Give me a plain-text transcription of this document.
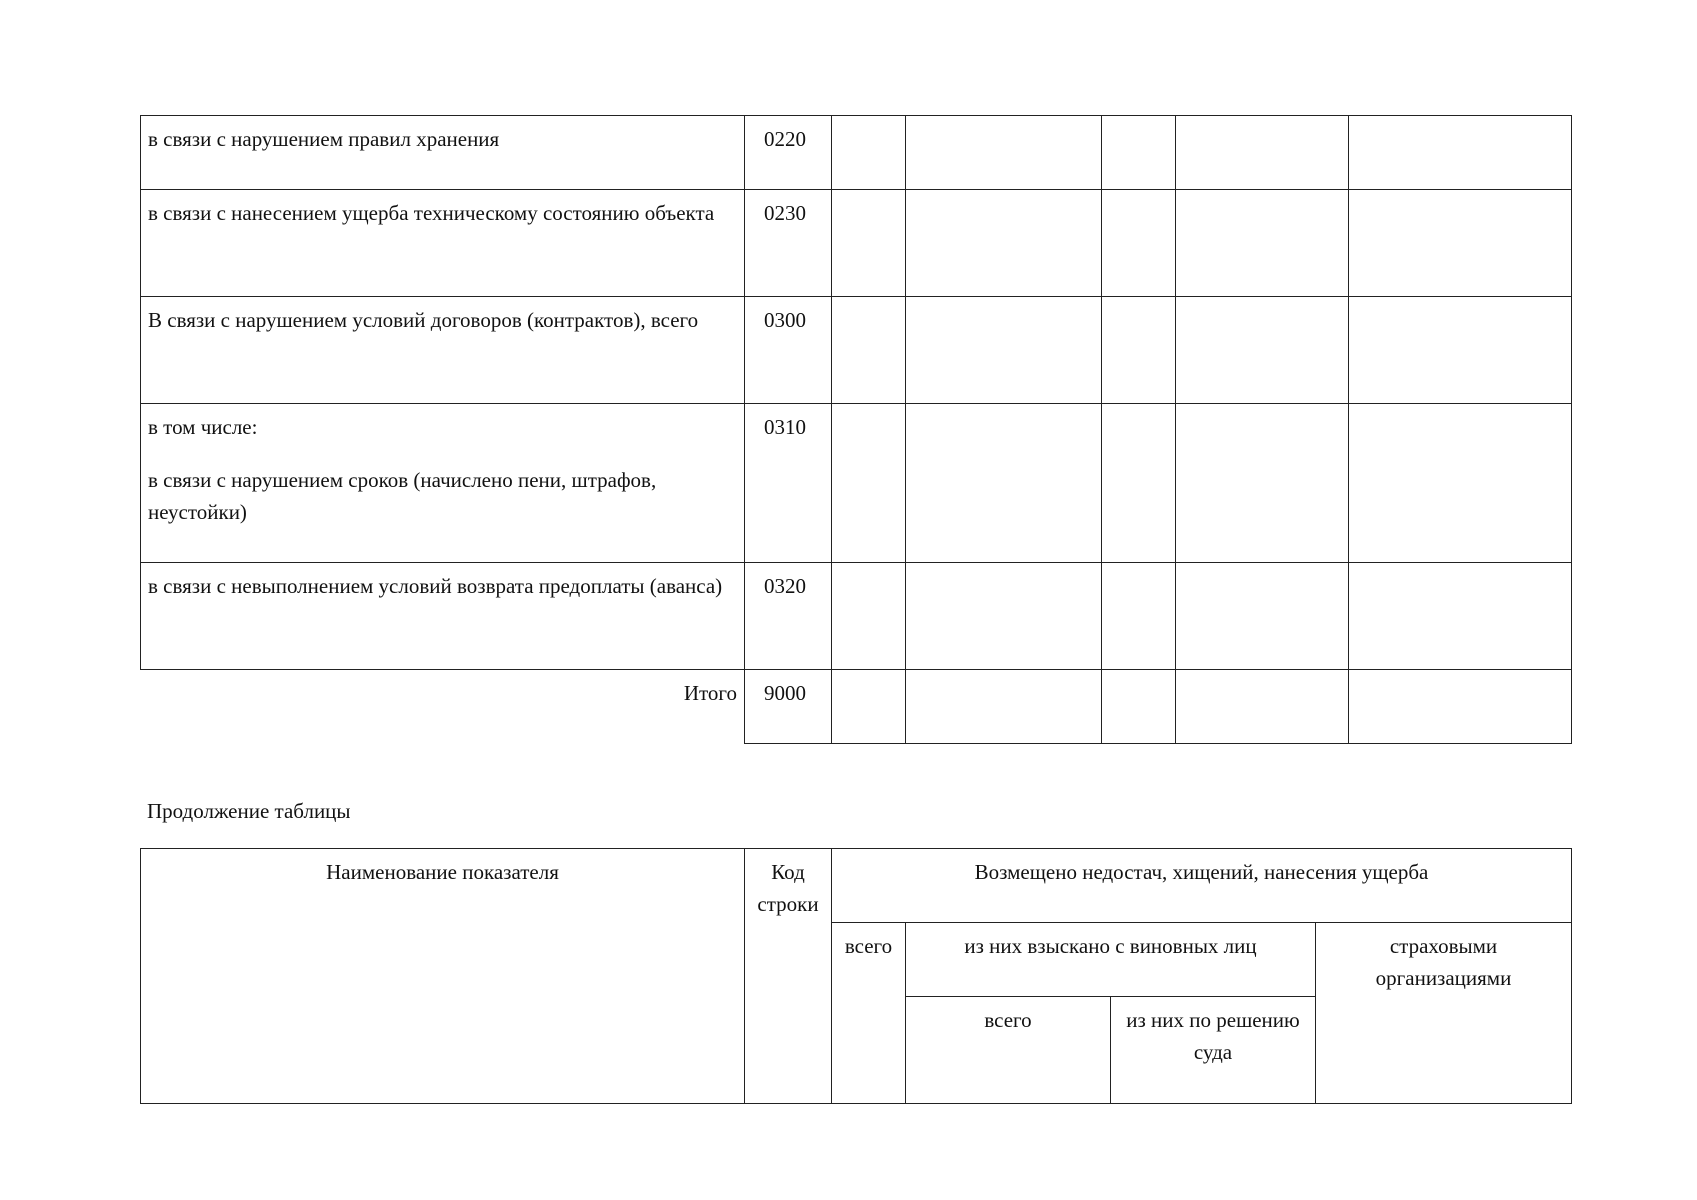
в связи с нарушением правил хранения	0220					
в связи с нанесением ущерба техническому состоянию объекта	0230					
В связи с нарушением условий договоров (контрактов), всего	0300					

в том числе:

в связи с нарушением сроков (начислено пени, штрафов, неустойки)	0310					
в связи с невыполнением условий возврата предоплаты (аванса)	0320					
Итого	9000					
Продолжение таблицы
Наименование показателя	Код строки	Возмещено недостач, хищений, нанесения ущерба			
		всего	из них взыскано с виновных лиц		страховыми организациями
			всего	из них по решению суда	
